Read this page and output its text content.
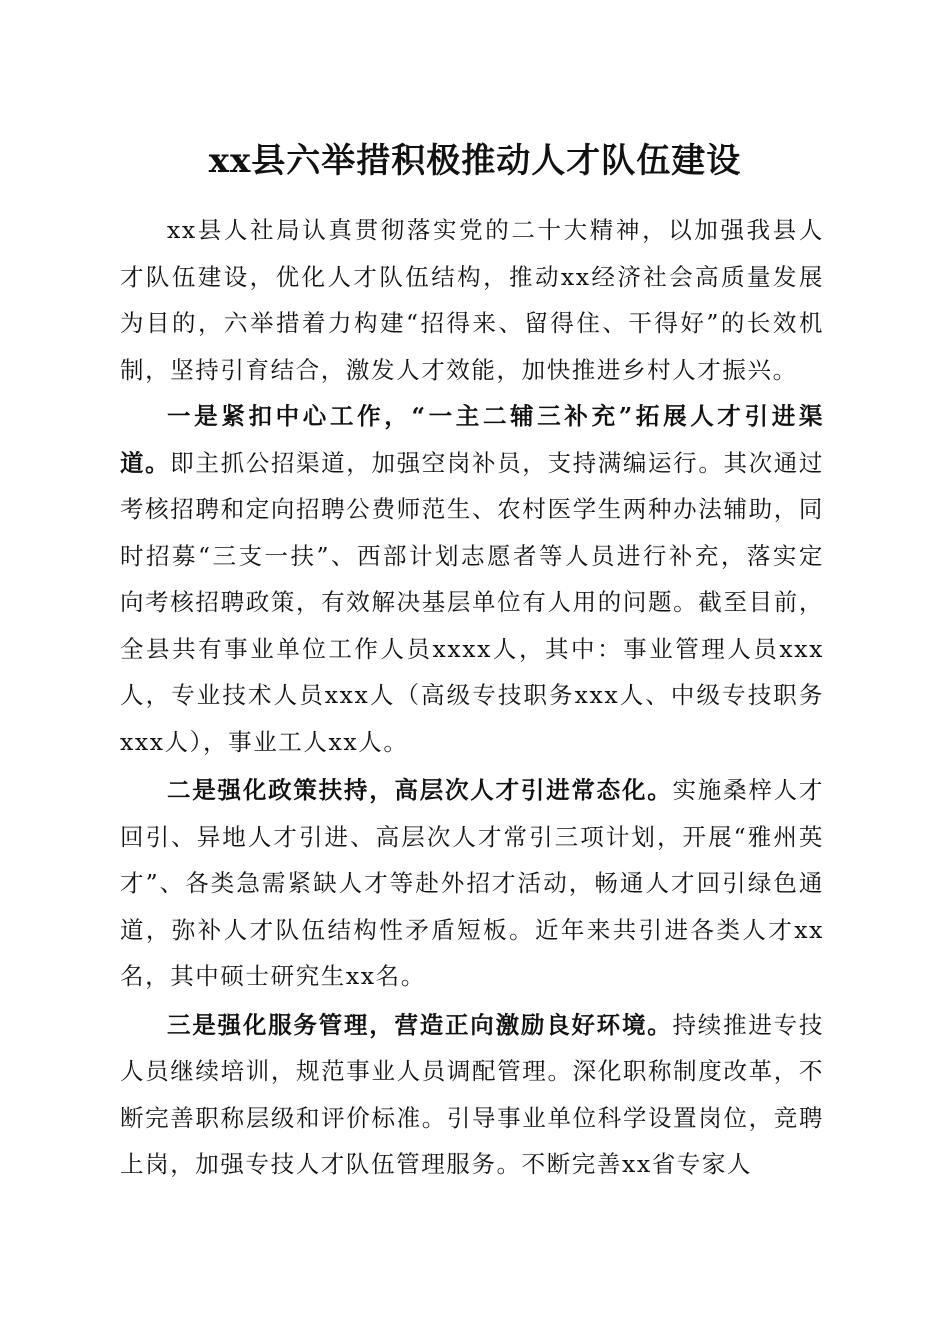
xx县六举措积极推动人才队伍建设

xx县人社局认真贯彻落实党的二十大精神，以加强我县人才队伍建设，优化人才队伍结构，推动xx经济社会高质量发展为目的，六举措着力构建“招得来、留得住、干得好”的长效机制，坚持引育结合，激发人才效能，加快推进乡村人才振兴。

一是紧扣中心工作，“一主二辅三补充”拓展人才引进渠道。即主抓公招渠道，加强空岗补员，支持满编运行。其次通过考核招聘和定向招聘公费师范生、农村医学生两种办法辅助，同时招募“三支一扶”、西部计划志愿者等人员进行补充，落实定向考核招聘政策，有效解决基层单位有人用的问题。截至目前，全县共有事业单位工作人员xxxx人，其中：事业管理人员xxx人，专业技术人员xxx人（高级专技职务xxx人、中级专技职务xxx人），事业工人xx人。

二是强化政策扶持，高层次人才引进常态化。实施桑梓人才回引、异地人才引进、高层次人才常引三项计划，开展“雅州英才”、各类急需紧缺人才等赴外招才活动，畅通人才回引绿色通道，弥补人才队伍结构性矛盾短板。近年来共引进各类人才xx名，其中硕士研究生xx名。

三是强化服务管理，营造正向激励良好环境。持续推进专技人员继续培训，规范事业人员调配管理。深化职称制度改革，不断完善职称层级和评价标准。引导事业单位科学设置岗位，竞聘上岗，加强专技人才队伍管理服务。不断完善xx省专家人
